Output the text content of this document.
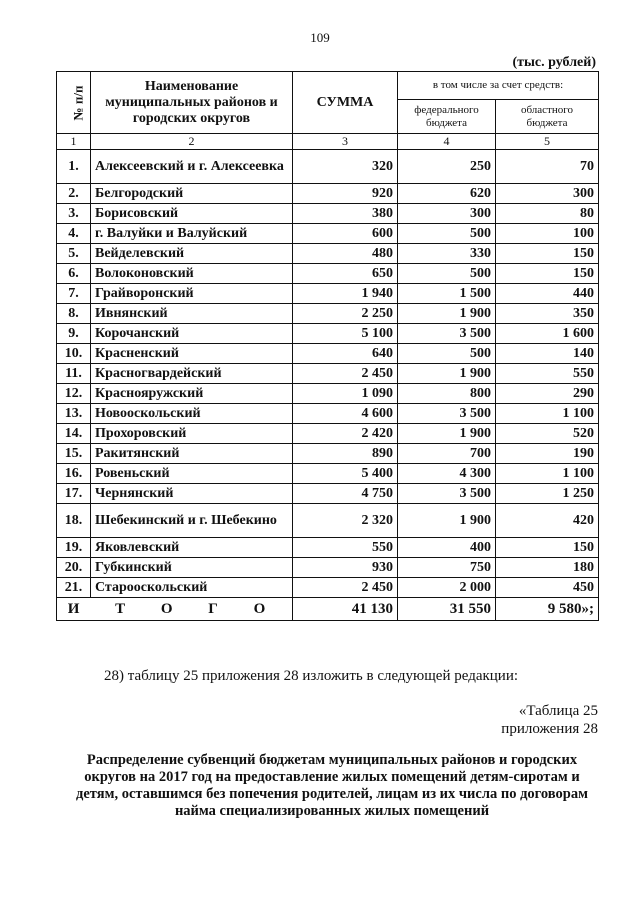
109
(тыс. рублей)
№ п/п	Наименование муниципальных районов и городских округов	СУММА	в том числе за счет средств:	
			федерального бюджета	областного бюджета
1	2	3	4	5
1.	Алексеевский и г. Алексеевка	320	250	70
2.	Белгородский	920	620	300
3.	Борисовский	380	300	80
4.	г. Валуйки и Валуйский	600	500	100
5.	Вейделевский	480	330	150
6.	Волоконовский	650	500	150
7.	Грайворонский	1 940	1 500	440
8.	Ивнянский	2 250	1 900	350
9.	Корочанский	5 100	3 500	1 600
10.	Красненский	640	500	140
11.	Красногвардейский	2 450	1 900	550
12.	Краснояружский	1 090	800	290
13.	Новооскольский	4 600	3 500	1 100
14.	Прохоровский	2 420	1 900	520
15.	Ракитянский	890	700	190
16.	Ровеньский	5 400	4 300	1 100
17.	Чернянский	4 750	3 500	1 250
18.	Шебекинский и г. Шебекино	2 320	1 900	420
19.	Яковлевский	550	400	150
20.	Губкинский	930	750	180
21.	Старооскольский	2 450	2 000	450
И Т О Г О		41 130	31 550	9 580»;
28) таблицу 25 приложения 28 изложить в следующей редакции:
«Таблица 25
приложения 28
Распределение субвенций бюджетам муниципальных районов и городских округов на 2017 год на предоставление жилых помещений детям-сиротам и детям, оставшимся без попечения родителей, лицам из их числа по договорам найма специализированных жилых помещений
